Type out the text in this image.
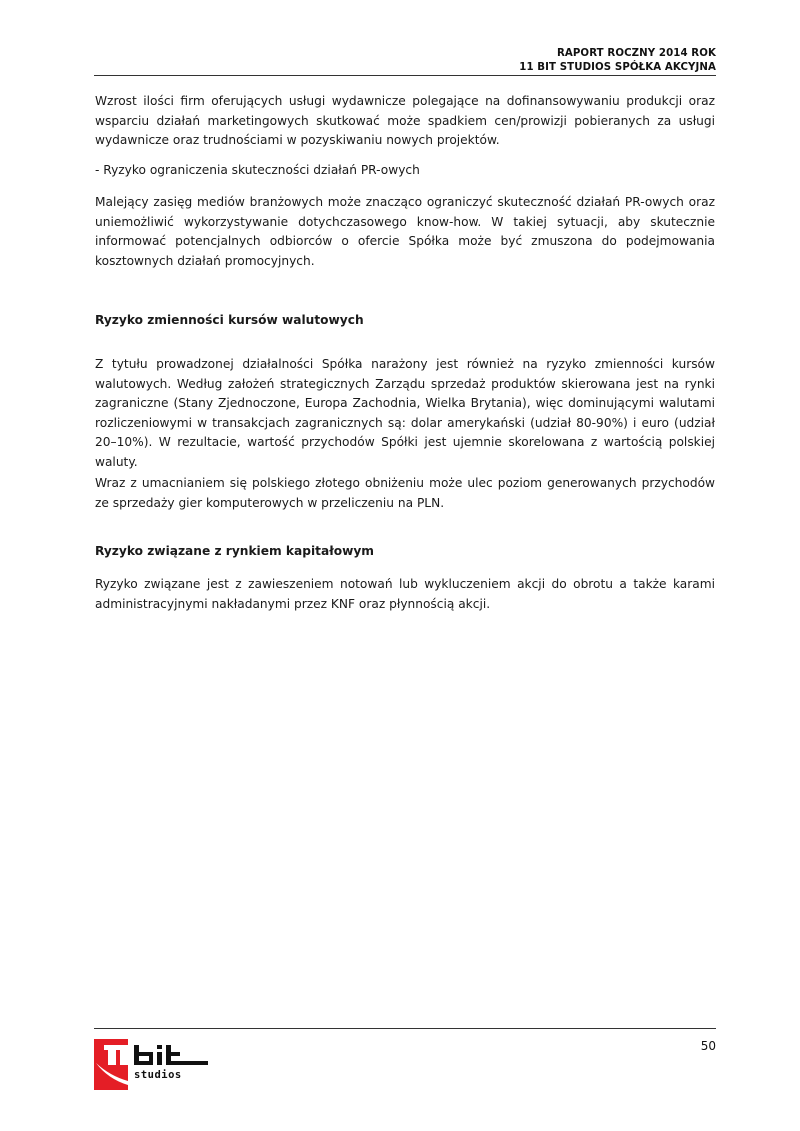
RAPORT ROCZNY 2014 ROK
11 BIT STUDIOS SPÓŁKA AKCYJNA

Wzrost ilości firm oferujących usługi wydawnicze polegające na dofinansowywaniu produkcji oraz wsparciu działań marketingowych skutkować może spadkiem cen/prowizji pobieranych za usługi wydawnicze oraz trudnościami w pozyskiwaniu nowych projektów.

- Ryzyko ograniczenia skuteczności działań PR-owych

Malejący zasięg mediów branżowych może znacząco ograniczyć skuteczność działań PR-owych oraz uniemożliwić wykorzystywanie dotychczasowego know-how. W takiej sytuacji, aby skutecznie informować potencjalnych odbiorców o ofercie Spółka może być zmuszona do podejmowania kosztownych działań promocyjnych.

Ryzyko zmienności kursów walutowych

Z tytułu prowadzonej działalności Spółka narażony jest również na ryzyko zmienności kursów walutowych. Według założeń strategicznych Zarządu sprzedaż produktów skierowana jest na rynki zagraniczne (Stany Zjednoczone, Europa Zachodnia, Wielka Brytania), więc dominującymi walutami rozliczeniowymi w transakcjach zagranicznych są: dolar amerykański (udział 80-90%) i euro (udział 20–10%). W rezultacie, wartość przychodów Spółki jest ujemnie skorelowana z wartością polskiej waluty.

Wraz z umacnianiem się polskiego złotego obniżeniu może ulec poziom generowanych przychodów ze sprzedaży gier komputerowych w przeliczeniu na PLN.

Ryzyko związane z rynkiem kapitałowym

Ryzyko związane jest z zawieszeniem notowań lub wykluczeniem akcji do obrotu a także karami administracyjnymi nakładanymi przez KNF oraz płynnością akcji.

studios
50
